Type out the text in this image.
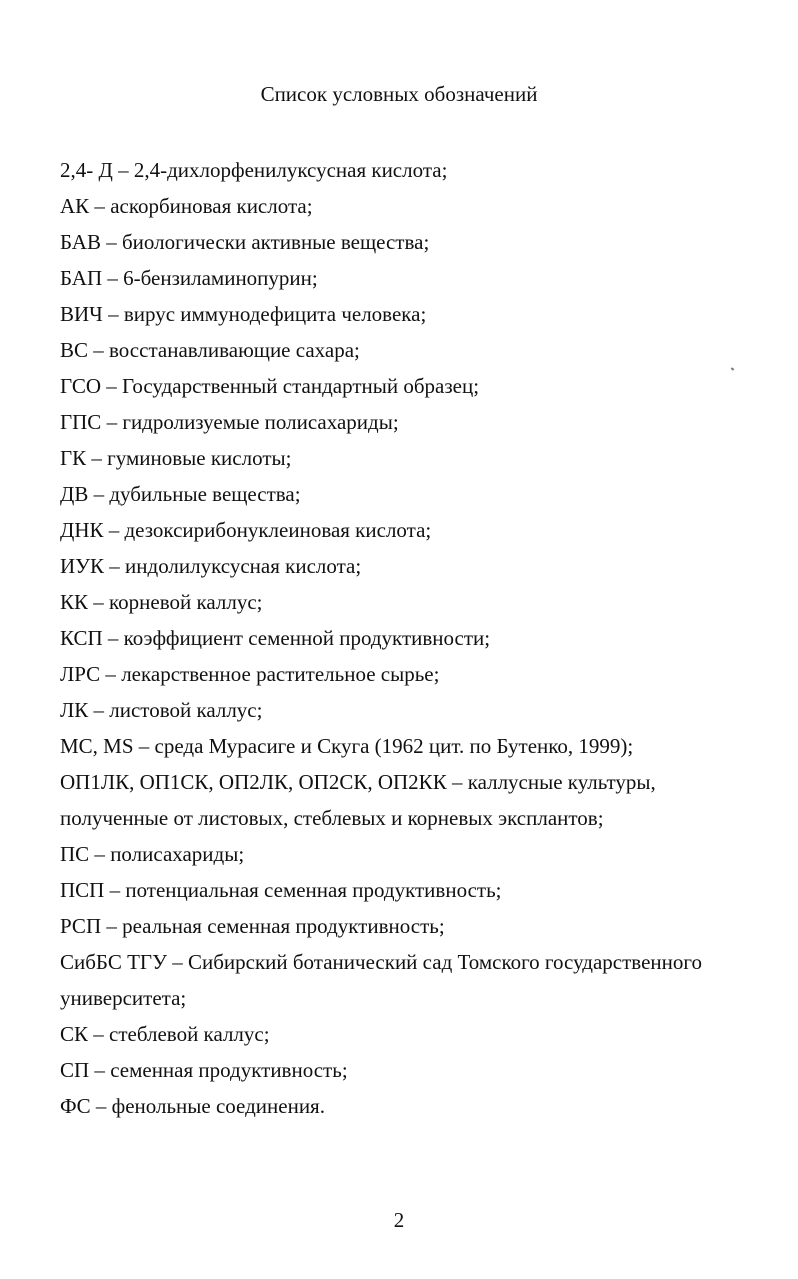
Список условных обозначений
2,4- Д – 2,4-дихлорфенилуксусная кислота;
АК – аскорбиновая кислота;
БАВ – биологически активные вещества;
БАП – 6-бензиламинопурин;
ВИЧ – вирус иммунодефицита человека;
ВС – восстанавливающие сахара;
ГСО – Государственный стандартный образец;
ГПС – гидролизуемые полисахариды;
ГК – гуминовые кислоты;
ДВ – дубильные вещества;
ДНК – дезоксирибонуклеиновая кислота;
ИУК – индолилуксусная кислота;
КК – корневой каллус;
КСП – коэффициент семенной продуктивности;
ЛРС – лекарственное растительное сырье;
ЛК – листовой каллус;
МС, MS – среда Мурасиге и Скуга (1962 цит. по Бутенко, 1999);
ОП1ЛК, ОП1СК, ОП2ЛК, ОП2СК, ОП2КК – каллусные культуры, полученные от листовых, стеблевых и корневых эксплантов;
ПС – полисахариды;
ПСП – потенциальная семенная продуктивность;
РСП – реальная семенная продуктивность;
СибБС ТГУ – Сибирский ботанический сад Томского государственного университета;
СК – стеблевой каллус;
СП – семенная продуктивность;
ФС – фенольные соединения.
2
